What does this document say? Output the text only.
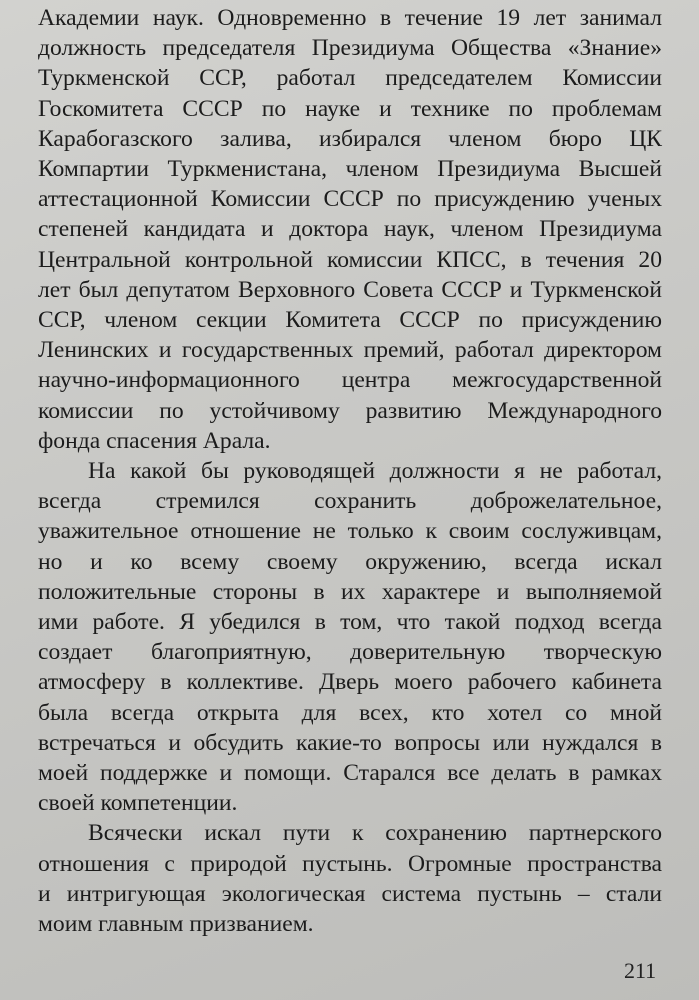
Академии наук. Одновременно в течение 19 лет занимал
должность председателя Президиума Общества «Знание»
Туркменской ССР, работал председателем Комиссии
Госкомитета СССР по науке и технике по проблемам
Карабогазского залива, избирался членом бюро ЦК
Компартии Туркменистана, членом Президиума Высшей
аттестационной Комиссии СССР по присуждению ученых
степеней кандидата и доктора наук, членом Президиума
Центральной контрольной комиссии КПСС, в течения 20
лет был депутатом Верховного Совета СССР и Туркменской
ССР, членом секции Комитета СССР по присуждению
Ленинских и государственных премий, работал директором
научно-информационного центра межгосударственной
комиссии по устойчивому развитию Международного
фонда спасения Арала.

На какой бы руководящей должности я не работал,
всегда стремился сохранить доброжелательное,
уважительное отношение не только к своим сослуживцам,
но и ко всему своему окружению, всегда искал
положительные стороны в их характере и выполняемой
ими работе. Я убедился в том, что такой подход всегда
создает благоприятную, доверительную творческую
атмосферу в коллективе. Дверь моего рабочего кабинета
была всегда открыта для всех, кто хотел со мной
встречаться и обсудить какие-то вопросы или нуждался в
моей поддержке и помощи. Старался все делать в рамках
своей компетенции.

Всячески искал пути к сохранению партнерского
отношения с природой пустынь. Огромные пространства
и интригующая экологическая система пустынь – стали
моим главным призванием.

211
